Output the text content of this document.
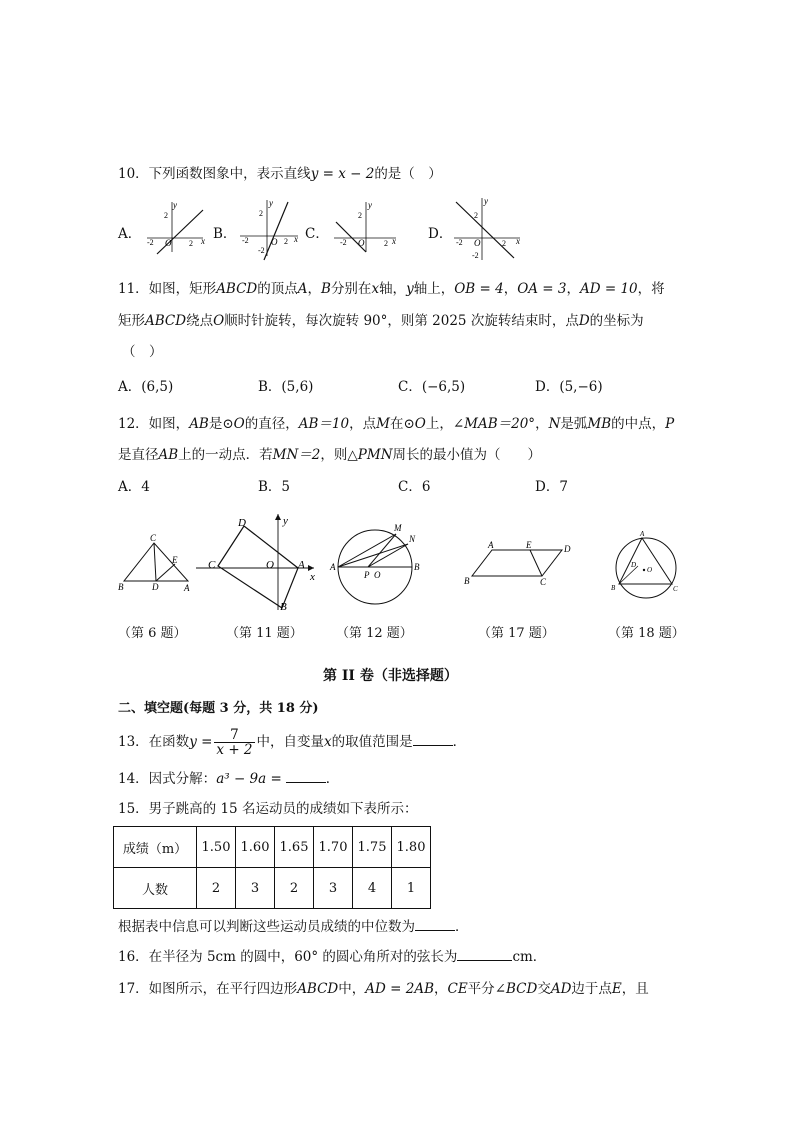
10．下列函数图象中，表示直线y = x − 2的是（　）
A．
y
x
2
-2 O 2
B．
y
x
2
-2 O 2
-2
C．
y
x
2
-2 O 2
D．
y
x
2
-2 O	2
-2
11．如图，矩形ABCD的顶点A，B分别在x轴，y轴上，OB = 4，OA = 3，AD = 10，将
矩形ABCD绕点O顺时针旋转，每次旋转 90°，则第 2025 次旋转结束时，点D的坐标为
（　）
A．(6,5)	B．(5,6)	C．(−6,5)	D．(5,−6)
12．如图，AB是⊙O的直径，AB＝10，点M在⊙O上，∠MAB＝20°，N是弧MB的中点，P
是直径AB上的一动点．若MN＝2，则△PMN周长的最小值为（　　）
A．4	B．5	C．6	D．7
C
E
B	D	A
D
C	O A
B
x
y
M
N
A
P O
B
A	E	D
B	C
A
B	C
D
O
（第 6 题）	（第 11 题）	（第 12 题）	（第 17 题）	（第 18 题）
第 II 卷（非选择题）
二、填空题(每题 3 分，共 18 分)
13．在函数$y = \frac{7}{x + 2}$ 中，自变量x的取值范围是	．
14．因式分解：a³ − 9a =	．
15．男子跳高的 15 名运动员的成绩如下表所示：
成绩（m）	1.50	1.60	1.65	1.70	1.75	1.80
人数	2	3	2	3	4	1
根据表中信息可以判断这些运动员成绩的中位数为	．
16．在半径为 5cm 的圆中，60° 的圆心角所对的弦长为	cm．
17．如图所示，在平行四边形ABCD中，AD = 2AB，CE平分∠BCD交AD边于点E，且
